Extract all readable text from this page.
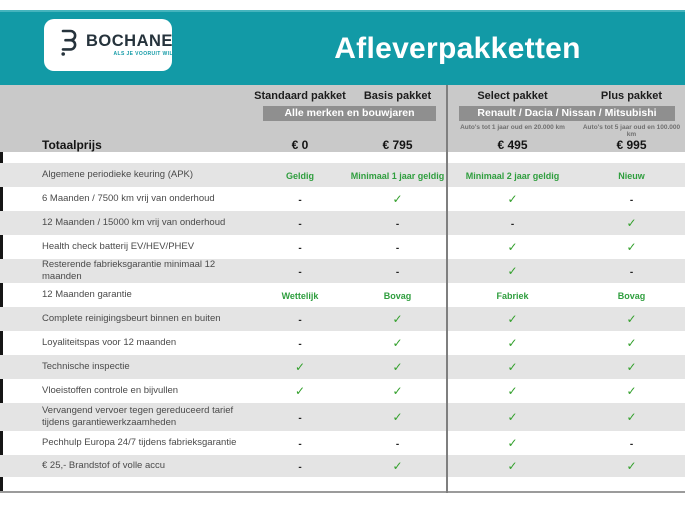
BOCHANE
ALS JE VOORUIT WIL	Afleverpakketten
Standaard pakket	Basis pakket	Select pakket	Plus pakket
Alle merken en bouwjaren	Renault / Dacia / Nissan / Mitsubishi
Auto's tot 1 jaar oud en 20.000 km	Auto's tot 5 jaar oud en 100.000 km
Totaalprijs	€ 0	€ 795	€ 495	€ 995
Algemene periodieke keuring (APK)	Geldig	Minimaal 1 jaar geldig	Minimaal 2 jaar geldig	Nieuw
6 Maanden / 7500 km vrij van onderhoud	-	✓	✓	-
12 Maanden / 15000 km vrij van onderhoud	-	-	-	✓
Health check batterij EV/HEV/PHEV	-	-	✓	✓
Resterende fabrieksgarantie minimaal 12 maanden	-	-	✓	-
12 Maanden garantie	Wettelijk	Bovag	Fabriek	Bovag
Complete reinigingsbeurt binnen en buiten	-	✓	✓	✓
Loyaliteitspas voor 12 maanden	-	✓	✓	✓
Technische inspectie	✓	✓	✓	✓
Vloeistoffen controle en bijvullen	✓	✓	✓	✓
Vervangend vervoer tegen gereduceerd tarief tijdens garantiewerkzaamheden	-	✓	✓	✓
Pechhulp Europa 24/7 tijdens fabrieksgarantie	-	-	✓	-
€ 25,- Brandstof of volle accu	-	✓	✓	✓
